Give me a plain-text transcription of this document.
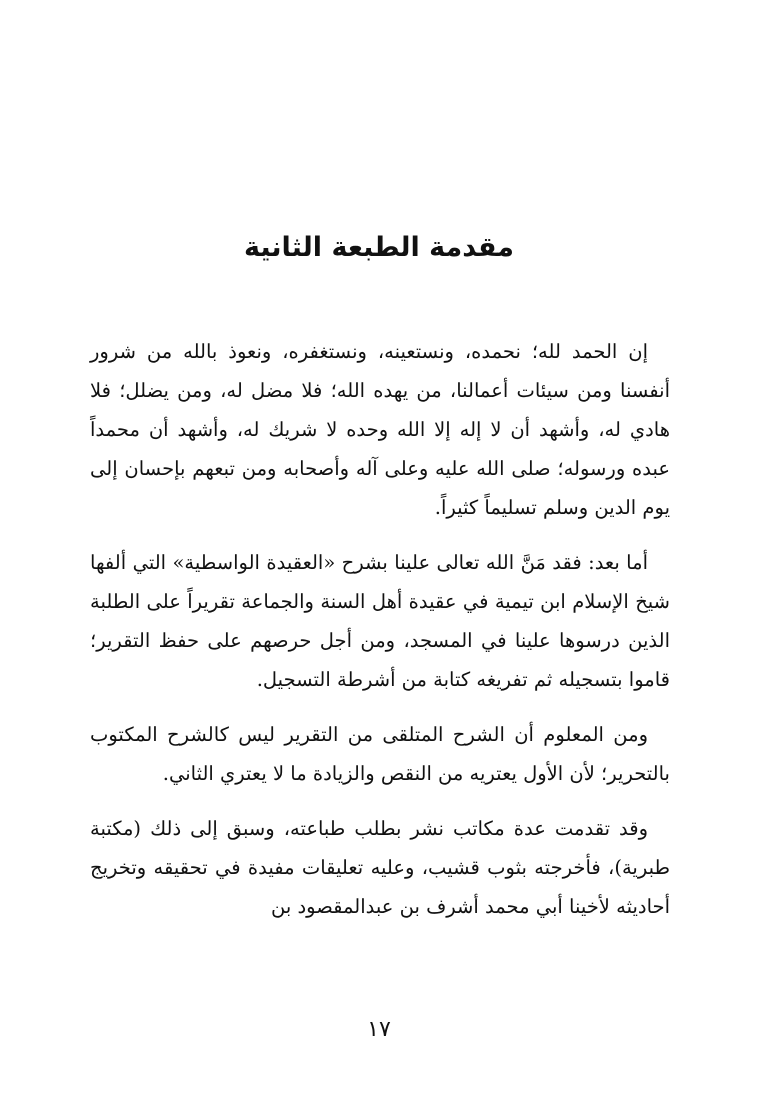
مقدمة الطبعة الثانية

إن الحمد لله؛ نحمده، ونستعينه، ونستغفره، ونعوذ بالله من شرور أنفسنا ومن سيئات أعمالنا، من يهده الله؛ فلا مضل له، ومن يضلل؛ فلا هادي له، وأشهد أن لا إله إلا الله وحده لا شريك له، وأشهد أن محمداً عبده ورسوله؛ صلى الله عليه وعلى آله وأصحابه ومن تبعهم بإحسان إلى يوم الدين وسلم تسليماً كثيراً.

أما بعد: فقد مَنَّ الله تعالى علينا بشرح «العقيدة الواسطية» التي ألفها شيخ الإسلام ابن تيمية في عقيدة أهل السنة والجماعة تقريراً على الطلبة الذين درسوها علينا في المسجد، ومن أجل حرصهم على حفظ التقرير؛ قاموا بتسجيله ثم تفريغه كتابة من أشرطة التسجيل.

ومن المعلوم أن الشرح المتلقى من التقرير ليس كالشرح المكتوب بالتحرير؛ لأن الأول يعتريه من النقص والزيادة ما لا يعتري الثاني.

وقد تقدمت عدة مكاتب نشر بطلب طباعته، وسبق إلى ذلك (مكتبة طبرية)، فأخرجته بثوب قشيب، وعليه تعليقات مفيدة في تحقيقه وتخريج أحاديثه لأخينا أبي محمد أشرف بن عبدالمقصود بن

١٧
